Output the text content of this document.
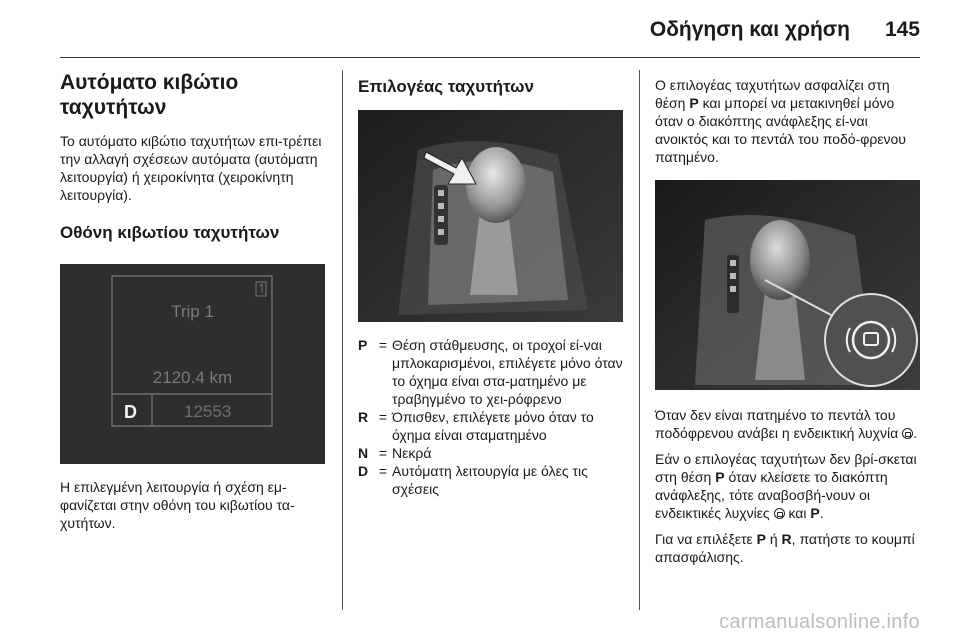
Οδήγηση και χρήση 145
Αυτόματο κιβώτιο ταχυτήτων

Το αυτόματο κιβώτιο ταχυτήτων επι-τρέπει την αλλαγή σχέσεων αυτόματα (αυτόματη λειτουργία) ή χειροκίνητα (χειροκίνητη λειτουργία).

Οθόνη κιβωτίου ταχυτήτων
Trip 1
2120.4 km
D	12553

Η επιλεγμένη λειτουργία ή σχέση εμ-φανίζεται στην οθόνη του κιβωτίου τα-χυτήτων.

Επιλογέας ταχυτήτων
P = Θέση στάθμευσης, οι τροχοί εί-ναι μπλοκαρισμένοι, επιλέγετε μόνο όταν το όχημα είναι στα-ματημένο με τραβηγμένο το χει-ρόφρενο
R = Όπισθεν, επιλέγετε μόνο όταν το όχημα είναι σταματημένο
N = Νεκρά
D = Αυτόματη λειτουργία με όλες τις σχέσεις

Ο επιλογέας ταχυτήτων ασφαλίζει στη θέση P και μπορεί να μετακινηθεί μόνο όταν ο διακόπτης ανάφλεξης εί-ναι ανοικτός και το πεντάλ του ποδό-φρενου πατημένο.

Όταν δεν είναι πατημένο το πεντάλ του ποδόφρενου ανάβει η ενδεικτική λυχνία .

Εάν ο επιλογέας ταχυτήτων δεν βρί-σκεται στη θέση P όταν κλείσετε το διακόπτη ανάφλεξης, τότε αναβοσβή-νουν οι ενδεικτικές λυχνίες και P.

Για να επιλέξετε P ή R, πατήστε το κουμπί απασφάλισης.

carmanualsonline.info
